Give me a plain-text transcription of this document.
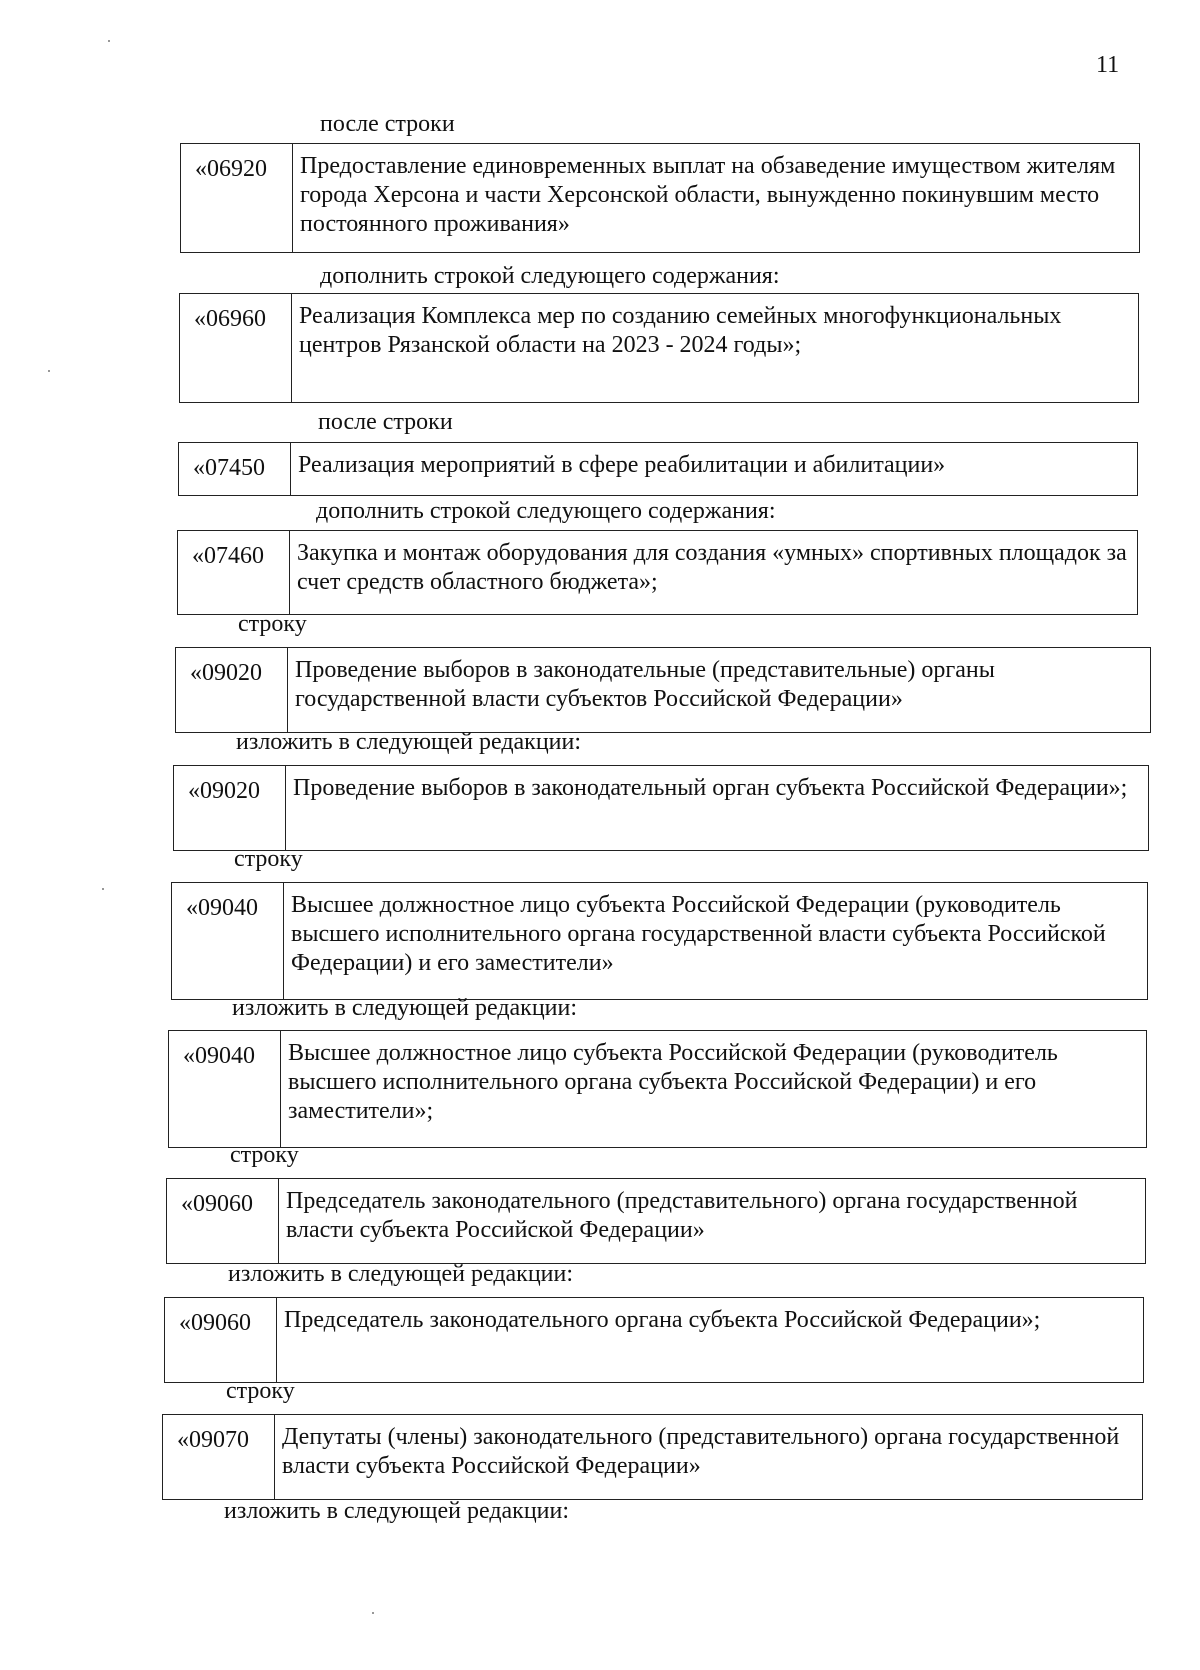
11
после строки
«06920	Предоставление единовременных выплат на обзаведение имуществом жителям города Херсона и части Херсонской области, вынужденно покинувшим место постоянного проживания»
дополнить строкой следующего содержания:
«06960	Реализация Комплекса мер по созданию семейных многофункциональных центров Рязанской области на 2023 - 2024 годы»;
после строки
«07450	Реализация мероприятий в сфере реабилитации и абилитации»
дополнить строкой следующего содержания:
«07460	Закупка и монтаж оборудования для создания «умных» спортивных площадок за счет средств областного бюджета»;
строку
«09020	Проведение выборов в законодательные (представительные) органы государственной власти субъектов Российской Федерации»
изложить в следующей редакции:
«09020	Проведение выборов в законодательный орган субъекта Российской Федерации»;
строку
«09040	Высшее должностное лицо субъекта Российской Федерации (руководитель высшего исполнительного органа государственной власти субъекта Российской Федерации) и его заместители»
изложить в следующей редакции:
«09040	Высшее должностное лицо субъекта Российской Федерации (руководитель высшего исполнительного органа субъекта Российской Федерации) и его заместители»;
строку
«09060	Председатель законодательного (представительного) органа государственной власти субъекта Российской Федерации»
изложить в следующей редакции:
«09060	Председатель законодательного органа субъекта Российской Федерации»;
строку
«09070	Депутаты (члены) законодательного (представительного) органа государственной власти субъекта Российской Федерации»
изложить в следующей редакции:
